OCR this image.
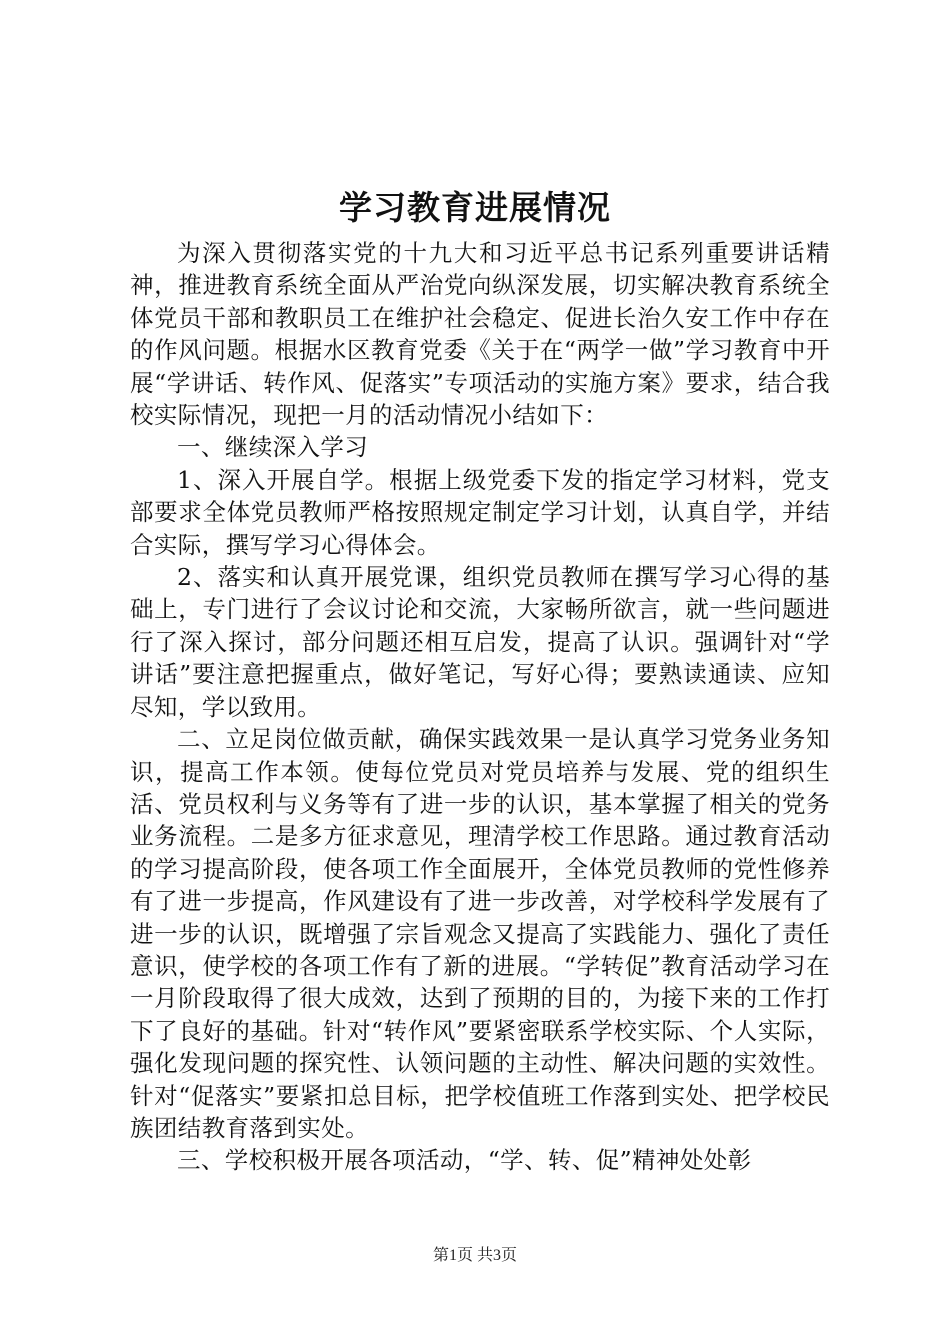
学习教育进展情况

为深入贯彻落实党的十九大和习近平总书记系列重要讲话精神，推进教育系统全面从严治党向纵深发展，切实解决教育系统全体党员干部和教职员工在维护社会稳定、促进长治久安工作中存在的作风问题。根据水区教育党委《关于在“两学一做”学习教育中开展“学讲话、转作风、促落实”专项活动的实施方案》要求，结合我校实际情况，现把一月的活动情况小结如下：

一、继续深入学习

1、深入开展自学。根据上级党委下发的指定学习材料，党支部要求全体党员教师严格按照规定制定学习计划，认真自学，并结合实际，撰写学习心得体会。

2、落实和认真开展党课，组织党员教师在撰写学习心得的基础上，专门进行了会议讨论和交流，大家畅所欲言，就一些问题进行了深入探讨，部分问题还相互启发，提高了认识。强调针对“学讲话”要注意把握重点，做好笔记，写好心得；要熟读通读、应知尽知，学以致用。

二、立足岗位做贡献，确保实践效果一是认真学习党务业务知识，提高工作本领。使每位党员对党员培养与发展、党的组织生活、党员权利与义务等有了进一步的认识，基本掌握了相关的党务业务流程。二是多方征求意见，理清学校工作思路。通过教育活动的学习提高阶段，使各项工作全面展开，全体党员教师的党性修养有了进一步提高，作风建设有了进一步改善，对学校科学发展有了进一步的认识，既增强了宗旨观念又提高了实践能力、强化了责任意识，使学校的各项工作有了新的进展。“学转促”教育活动学习在一月阶段取得了很大成效，达到了预期的目的，为接下来的工作打下了良好的基础。针对“转作风”要紧密联系学校实际、个人实际，强化发现问题的探究性、认领问题的主动性、解决问题的实效性。针对“促落实”要紧扣总目标，把学校值班工作落到实处、把学校民族团结教育落到实处。

三、学校积极开展各项活动，“学、转、促”精神处处彰

第1页 共3页
